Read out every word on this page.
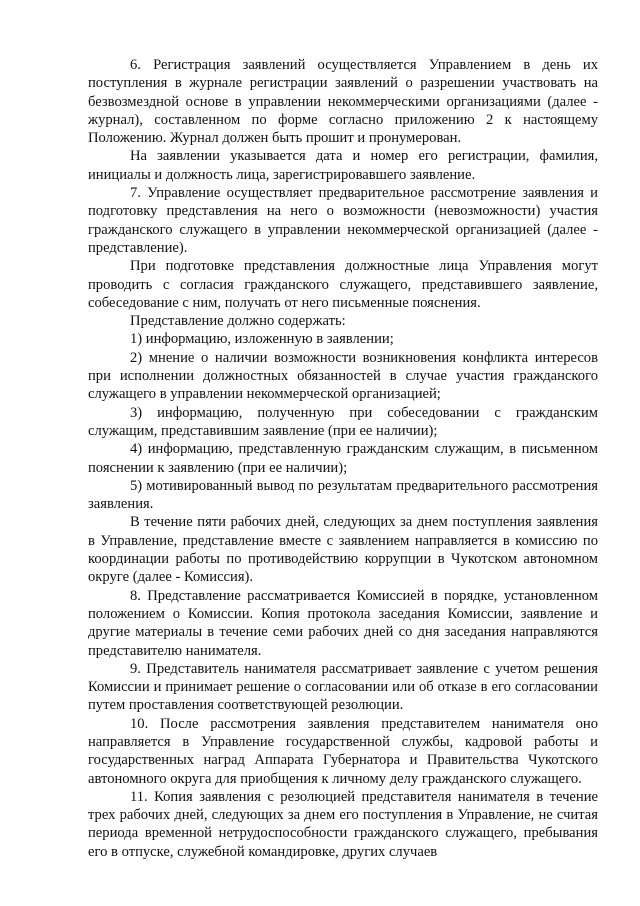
6. Регистрация заявлений осуществляется Управлением в день их поступления в журнале регистрации заявлений о разрешении участвовать на безвозмездной основе в управлении некоммерческими организациями (далее - журнал), составленном по форме согласно приложению 2 к настоящему Положению. Журнал должен быть прошит и пронумерован.

На заявлении указывается дата и номер его регистрации, фамилия, инициалы и должность лица, зарегистрировавшего заявление.

7. Управление осуществляет предварительное рассмотрение заявления и подготовку представления на него о возможности (невозможности) участия гражданского служащего в управлении некоммерческой организацией (далее - представление).

При подготовке представления должностные лица Управления могут проводить с согласия гражданского служащего, представившего заявление, собеседование с ним, получать от него письменные пояснения.

Представление должно содержать:

1) информацию, изложенную в заявлении;

2) мнение о наличии возможности возникновения конфликта интересов при исполнении должностных обязанностей в случае участия гражданского служащего в управлении некоммерческой организацией;

3) информацию, полученную при собеседовании с гражданским служащим, представившим заявление (при ее наличии);

4) информацию, представленную гражданским служащим, в письменном пояснении к заявлению (при ее наличии);

5) мотивированный вывод по результатам предварительного рассмотрения заявления.

В течение пяти рабочих дней, следующих за днем поступления заявления в Управление, представление вместе с заявлением направляется в комиссию по координации работы по противодействию коррупции в Чукотском автономном округе (далее - Комиссия).

8. Представление рассматривается Комиссией в порядке, установленном положением о Комиссии. Копия протокола заседания Комиссии, заявление и другие материалы в течение семи рабочих дней со дня заседания направляются представителю нанимателя.

9. Представитель нанимателя рассматривает заявление с учетом решения Комиссии и принимает решение о согласовании или об отказе в его согласовании путем проставления соответствующей резолюции.

10. После рассмотрения заявления представителем нанимателя оно направляется в Управление государственной службы, кадровой работы и государственных наград Аппарата Губернатора и Правительства Чукотского автономного округа для приобщения к личному делу гражданского служащего.

11. Копия заявления с резолюцией представителя нанимателя в течение трех рабочих дней, следующих за днем его поступления в Управление, не считая периода временной нетрудоспособности гражданского служащего, пребывания его в отпуске, служебной командировке, других случаев
